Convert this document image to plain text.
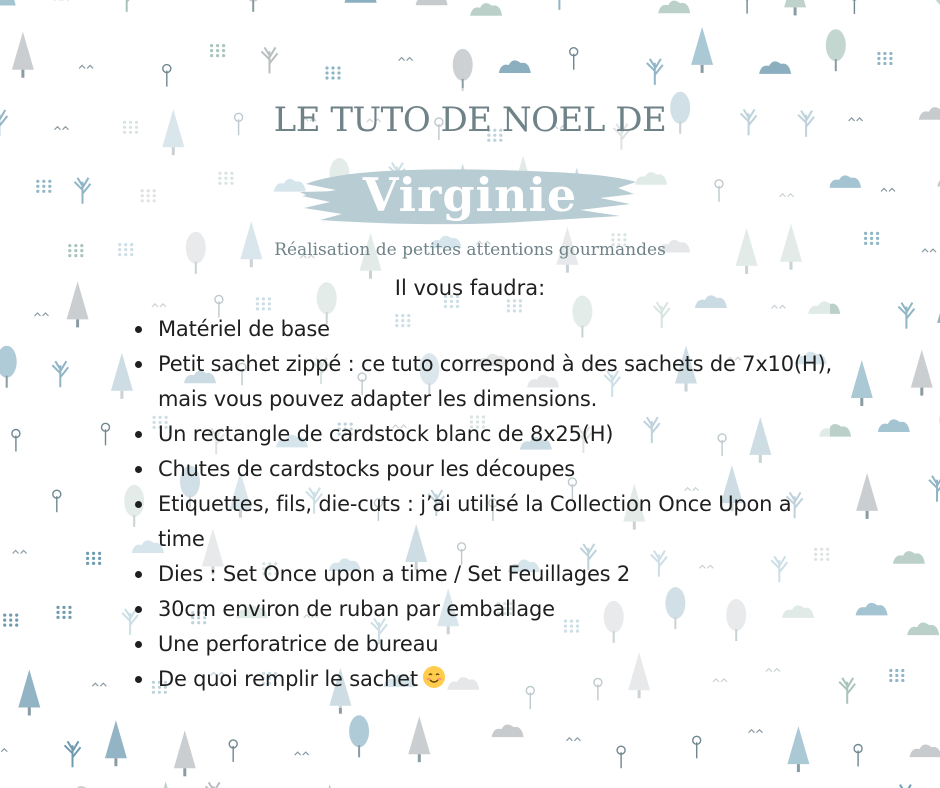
LE TUTO DE NOEL DE
Virginie
Réalisation de petites attentions gourmandes
Il vous faudra:
Matériel de base
Petit sachet zippé : ce tuto correspond à des sachets de 7x10(H), mais vous pouvez adapter les dimensions.
Un rectangle de cardstock blanc de 8x25(H)
Chutes de cardstocks pour les découpes
Etiquettes, fils, die-cuts : j’ai utilisé la Collection Once Upon a time
Dies : Set Once upon a time / Set Feuillages 2
30cm environ de ruban par emballage
Une perforatrice de bureau
De quoi remplir le sachet
